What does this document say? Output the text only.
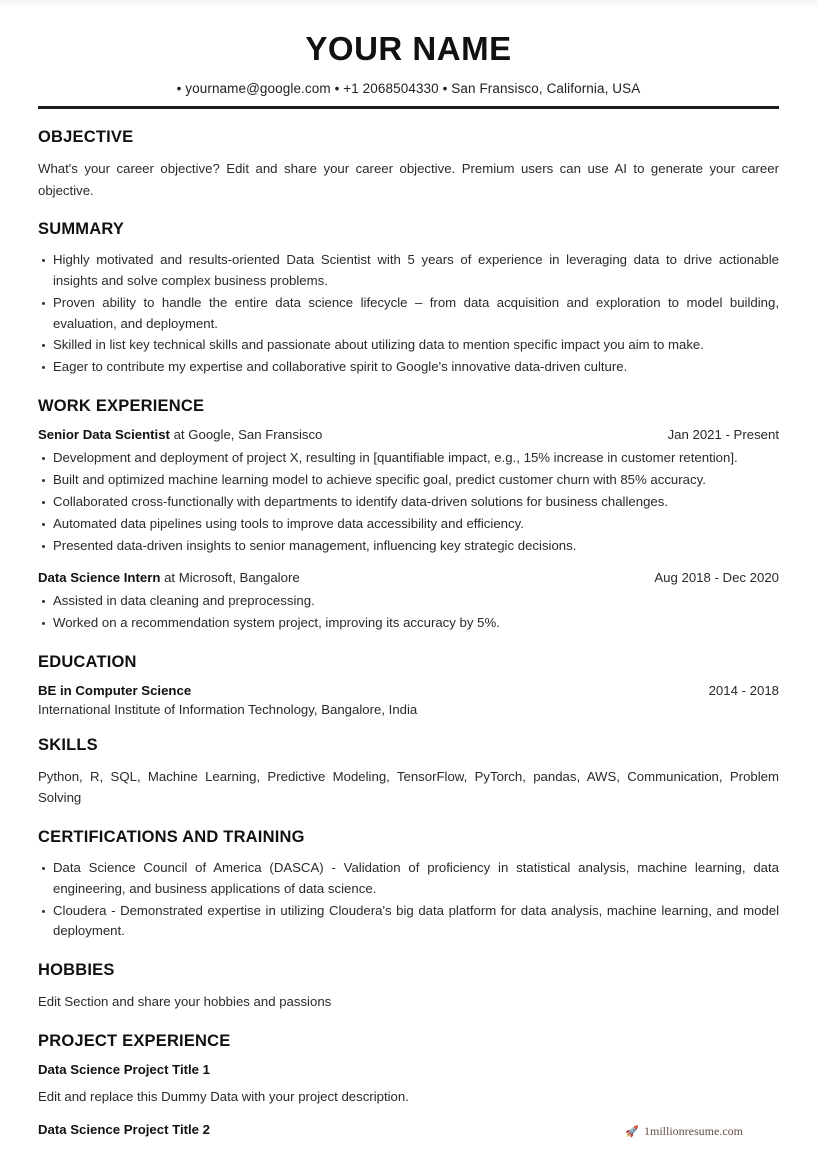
YOUR NAME
• yourname@google.com • +1 2068504330 • San Fransisco, California, USA
OBJECTIVE

What's your career objective? Edit and share your career objective. Premium users can use AI to generate your career objective.

SUMMARY
Highly motivated and results-oriented Data Scientist with 5 years of experience in leveraging data to drive actionable insights and solve complex business problems.
Proven ability to handle the entire data science lifecycle – from data acquisition and exploration to model building, evaluation, and deployment.
Skilled in list key technical skills and passionate about utilizing data to mention specific impact you aim to make.
Eager to contribute my expertise and collaborative spirit to Google's innovative data-driven culture.
WORK EXPERIENCE
Senior Data Scientist at Google, San Fransisco	Jan 2021 - Present
Development and deployment of project X, resulting in [quantifiable impact, e.g., 15% increase in customer retention].
Built and optimized machine learning model to achieve specific goal, predict customer churn with 85% accuracy.
Collaborated cross-functionally with departments to identify data-driven solutions for business challenges.
Automated data pipelines using tools to improve data accessibility and efficiency.
Presented data-driven insights to senior management, influencing key strategic decisions.
Data Science Intern at Microsoft, Bangalore	Aug 2018 - Dec 2020
Assisted in data cleaning and preprocessing.
Worked on a recommendation system project, improving its accuracy by 5%.
EDUCATION
BE in Computer Science	2014 - 2018
International Institute of Information Technology, Bangalore, India
SKILLS

Python, R, SQL, Machine Learning, Predictive Modeling, TensorFlow, PyTorch, pandas, AWS, Communication, Problem Solving

CERTIFICATIONS AND TRAINING
Data Science Council of America (DASCA) - Validation of proficiency in statistical analysis, machine learning, data engineering, and business applications of data science.
Cloudera - Demonstrated expertise in utilizing Cloudera's big data platform for data analysis, machine learning, and model deployment.
HOBBIES

Edit Section and share your hobbies and passions

PROJECT EXPERIENCE
Data Science Project Title 1
Edit and replace this Dummy Data with your project description.
Data Science Project Title 2	🚀 1millionresume.com
